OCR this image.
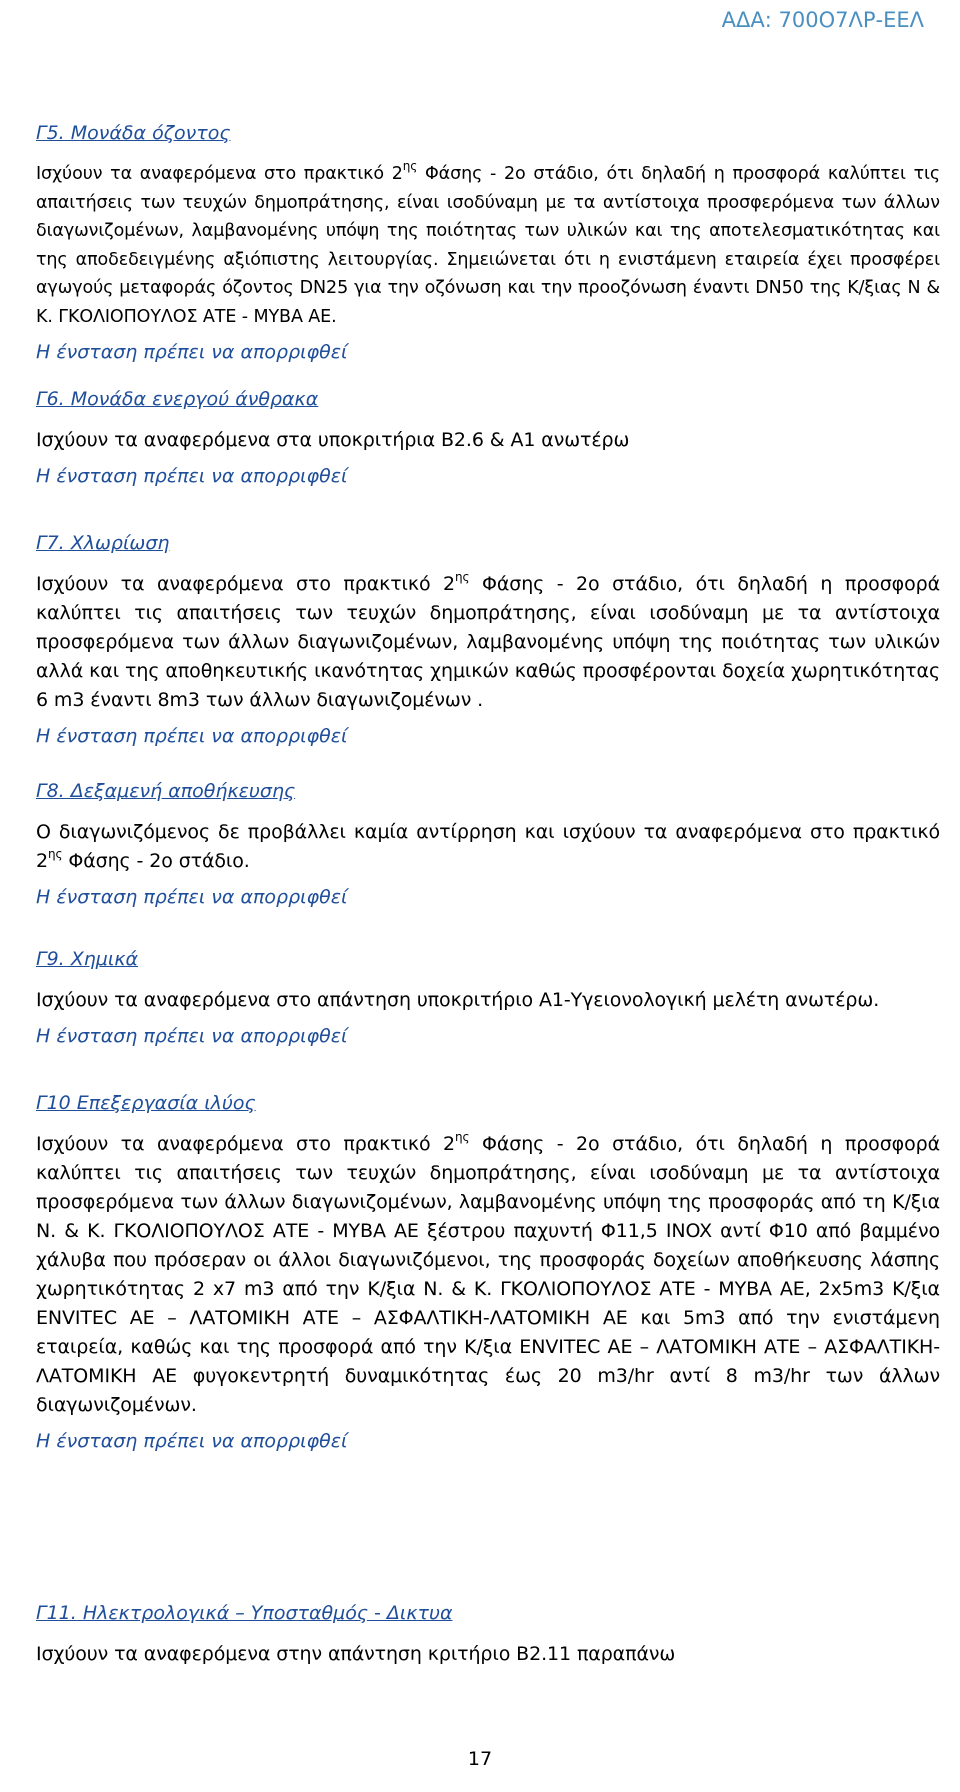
ΑΔΑ: 700Ο7ΛΡ-ΕΕΛ
Γ5. Μονάδα όζοντος

Ισχύουν τα αναφερόμενα στο πρακτικό $2^{\eta\varsigma}$ Φάσης - 2ο στάδιο, ότι δηλαδή η προσφορά καλύπτει τις απαιτήσεις των τευχών δημοπράτησης, είναι ισοδύναμη με τα αντίστοιχα προσφερόμενα των άλλων διαγωνιζομένων, λαμβανομένης υπόψη της ποιότητας των υλικών και της αποτελεσματικότητας και της αποδεδειγμένης αξιόπιστης λειτουργίας. Σημειώνεται ότι η ενιστάμενη εταιρεία έχει προσφέρει αγωγούς μεταφοράς όζοντος DN25 για την οζόνωση και την προοζόνωση έναντι DN50 της Κ/ξιας Ν & Κ. ΓΚΟΛΙΟΠΟΥΛΟΣ ΑΤΕ - ΜΥΒΑ ΑΕ.

Η ένσταση πρέπει να απορριφθεί
Γ6. Μονάδα ενεργού άνθρακα

Ισχύουν τα αναφερόμενα στα υποκριτήρια Β2.6 & Α1 ανωτέρω

Η ένσταση πρέπει να απορριφθεί
Γ7. Χλωρίωση

Ισχύουν τα αναφερόμενα στο πρακτικό $2^{\eta\varsigma}$ Φάσης - 2ο στάδιο, ότι δηλαδή η προσφορά καλύπτει τις απαιτήσεις των τευχών δημοπράτησης, είναι ισοδύναμη με τα αντίστοιχα προσφερόμενα των άλλων διαγωνιζομένων, λαμβανομένης υπόψη της ποιότητας των υλικών αλλά και της αποθηκευτικής ικανότητας χημικών καθώς προσφέρονται δοχεία χωρητικότητας 6 m3 έναντι 8m3 των άλλων διαγωνιζομένων .

Η ένσταση πρέπει να απορριφθεί
Γ8. Δεξαμενή αποθήκευσης

Ο διαγωνιζόμενος δε προβάλλει καμία αντίρρηση και ισχύουν τα αναφερόμενα στο πρακτικό $2^{\eta\varsigma}$ Φάσης - 2ο στάδιο.

Η ένσταση πρέπει να απορριφθεί
Γ9. Χημικά

Ισχύουν τα αναφερόμενα στο απάντηση υποκριτήριο Α1-Υγειονολογική μελέτη ανωτέρω.

Η ένσταση πρέπει να απορριφθεί
Γ10 Επεξεργασία ιλύος

Ισχύουν τα αναφερόμενα στο πρακτικό $2^{\eta\varsigma}$ Φάσης - 2ο στάδιο, ότι δηλαδή η προσφορά καλύπτει τις απαιτήσεις των τευχών δημοπράτησης, είναι ισοδύναμη με τα αντίστοιχα προσφερόμενα των άλλων διαγωνιζομένων, λαμβανομένης υπόψη της προσφοράς από τη Κ/ξια Ν. & Κ. ΓΚΟΛΙΟΠΟΥΛΟΣ ΑΤΕ - ΜΥΒΑ ΑΕ ξέστρου παχυντή Φ11,5 INOX αντί Φ10 από βαμμένο χάλυβα που πρόσεραν οι άλλοι διαγωνιζόμενοι, της προσφοράς δοχείων αποθήκευσης λάσπης χωρητικότητας 2 x7 m3 από την Κ/ξια Ν. & Κ. ΓΚΟΛΙΟΠΟΥΛΟΣ ΑΤΕ - ΜΥΒΑ ΑΕ, 2x5m3 Κ/ξια ENVITEC AE – ΛΑΤΟΜΙΚΗ ΑΤΕ – ΑΣΦΑΛΤΙΚΗ-ΛΑΤΟΜΙΚΗ ΑΕ και 5m3 από την ενιστάμενη εταιρεία, καθώς και της προσφορά από την Κ/ξια ENVITEC AE – ΛΑΤΟΜΙΚΗ ΑΤΕ – ΑΣΦΑΛΤΙΚΗ-ΛΑΤΟΜΙΚΗ ΑΕ φυγοκεντρητή δυναμικότητας έως 20 m3/hr αντί 8 m3/hr των άλλων διαγωνιζομένων.

Η ένσταση πρέπει να απορριφθεί
Γ11. Ηλεκτρολογικά – Υποσταθμός - Δικτυα

Ισχύουν τα αναφερόμενα στην απάντηση κριτήριο Β2.11 παραπάνω

17
